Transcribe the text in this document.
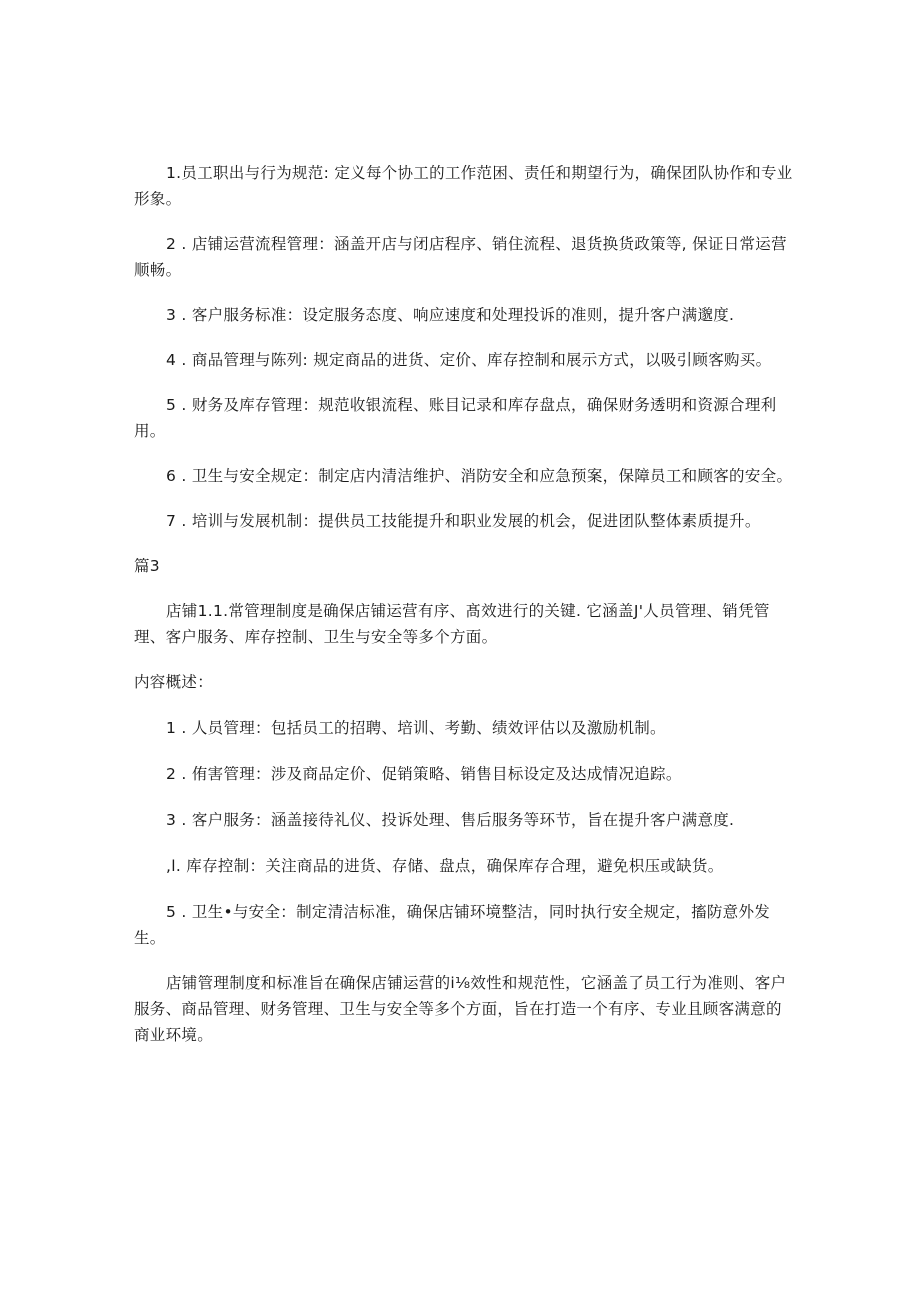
1.员工职出与行为规范: 定义每个协工的工作范困、责任和期望行为，确保团队协作和专业形象。

2 . 店铺运营流程管理：涵盖开店与闭店程序、销住流程、退货换货政策等, 保证日常运营顺畅。

3 . 客户服务标准：设定服务态度、响应速度和处理投诉的准则，提升客户满邈度.

4 . 商品管理与陈列: 规定商品的进货、定价、库存控制和展示方式，以吸引顾客购买。

5 . 财务及库存管理：规范收银流程、账目记录和库存盘点，确保财务透明和资源合理利用。

6 . 卫生与安全规定：制定店内清洁维护、消防安全和应急预案，保障员工和顾客的安全。

7 . 培训与发展机制：提供员工技能提升和职业发展的机会，促进团队整体素质提升。

篇3

店铺1.1.常管理制度是确保店铺运营有序、髙效进行的关键. 它涵盖J'人员管理、销凭管理、客户服务、库存控制、卫生与安全等多个方面。

内容概述：

1 . 人员管理：包括员工的招聘、培训、考勤、绩效评估以及激励机制。

2 . 侑害管理：涉及商品定价、促销策略、销售目标设定及达成情况追踪。

3 . 客户服务：涵盖接待礼仪、投诉处理、售后服务等环节，旨在提升客户满意度.

,l. 库存控制：关注商品的进货、存储、盘点，确保库存合理，避免枳压或缺货。

5 . 卫生•与安全：制定清洁标准，确保店铺环境整洁，同时执行安全规定，搐防意外发生。

店铺管理制度和标准旨在确保店铺运营的i⅛效性和规范性，它涵盖了员工行为准则、客户服务、商品管理、财务管理、卫生与安全等多个方面，旨在打造一个有序、专业且顾客满意的商业环境。
